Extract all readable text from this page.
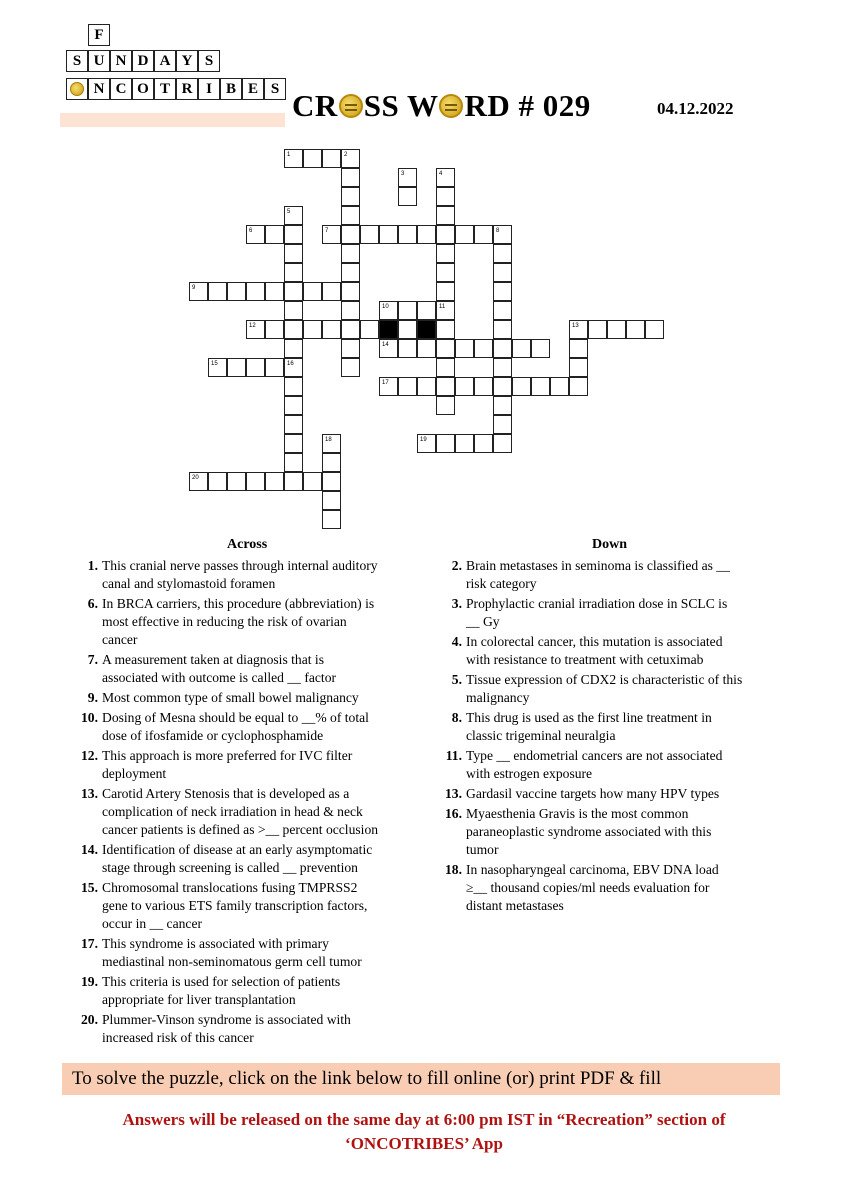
F
S U N D A Y S
N C O T R I B E S CR SS W RD # 029	04.12.2022
1	2
3	4
5
6	7	8
9
10	11
12	13
14
15	16
17
18	19
20
Across	Down
1. This cranial nerve passes through internal auditory
canal and stylomastoid foramen
6. In BRCA carriers, this procedure (abbreviation) is
most effective in reducing the risk of ovarian
cancer
7. A measurement taken at diagnosis that is
associated with outcome is called __ factor
9. Most common type of small bowel malignancy
10. Dosing of Mesna should be equal to __% of total
dose of ifosfamide or cyclophosphamide
12. This approach is more preferred for IVC filter
deployment
13. Carotid Artery Stenosis that is developed as a
complication of neck irradiation in head & neck
cancer patients is defined as >__ percent occlusion
14. Identification of disease at an early asymptomatic
stage through screening is called __ prevention
15. Chromosomal translocations fusing TMPRSS2
gene to various ETS family transcription factors,
occur in __ cancer
17. This syndrome is associated with primary
mediastinal non-seminomatous germ cell tumor
19. This criteria is used for selection of patients
appropriate for liver transplantation
20. Plummer-Vinson syndrome is associated with
increased risk of this cancer
2. Brain metastases in seminoma is classified as __
risk category
3. Prophylactic cranial irradiation dose in SCLC is
__ Gy
4. In colorectal cancer, this mutation is associated
with resistance to treatment with cetuximab
5. Tissue expression of CDX2 is characteristic of this
malignancy
8. This drug is used as the first line treatment in
classic trigeminal neuralgia
11. Type __ endometrial cancers are not associated
with estrogen exposure
13. Gardasil vaccine targets how many HPV types
16. Myaesthenia Gravis is the most common
paraneoplastic syndrome associated with this
tumor
18. In nasopharyngeal carcinoma, EBV DNA load
≥__ thousand copies/ml needs evaluation for
distant metastases
To solve the puzzle, click on the link below to fill online (or) print PDF & fill
Answers will be released on the same day at 6:00 pm IST in “Recreation” section of
‘ONCOTRIBES’ App
